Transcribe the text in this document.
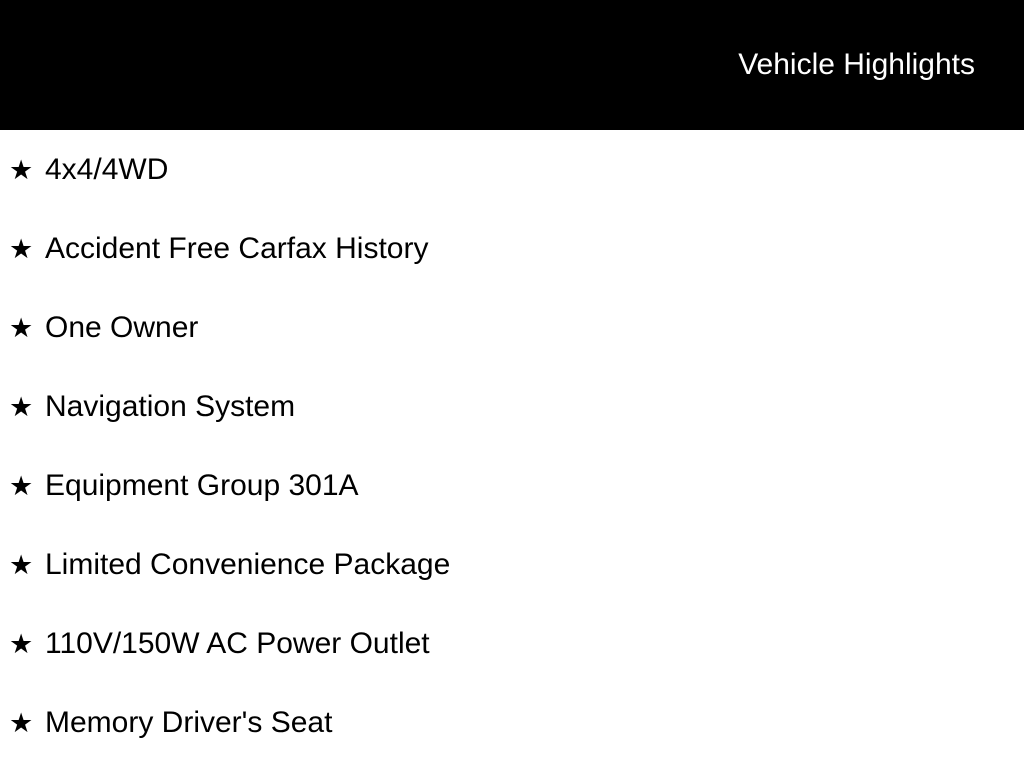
Vehicle Highlights
★ 4x4/4WD
★ Accident Free Carfax History
★ One Owner
★ Navigation System
★ Equipment Group 301A
★ Limited Convenience Package
★ 110V/150W AC Power Outlet
★ Memory Driver's Seat
